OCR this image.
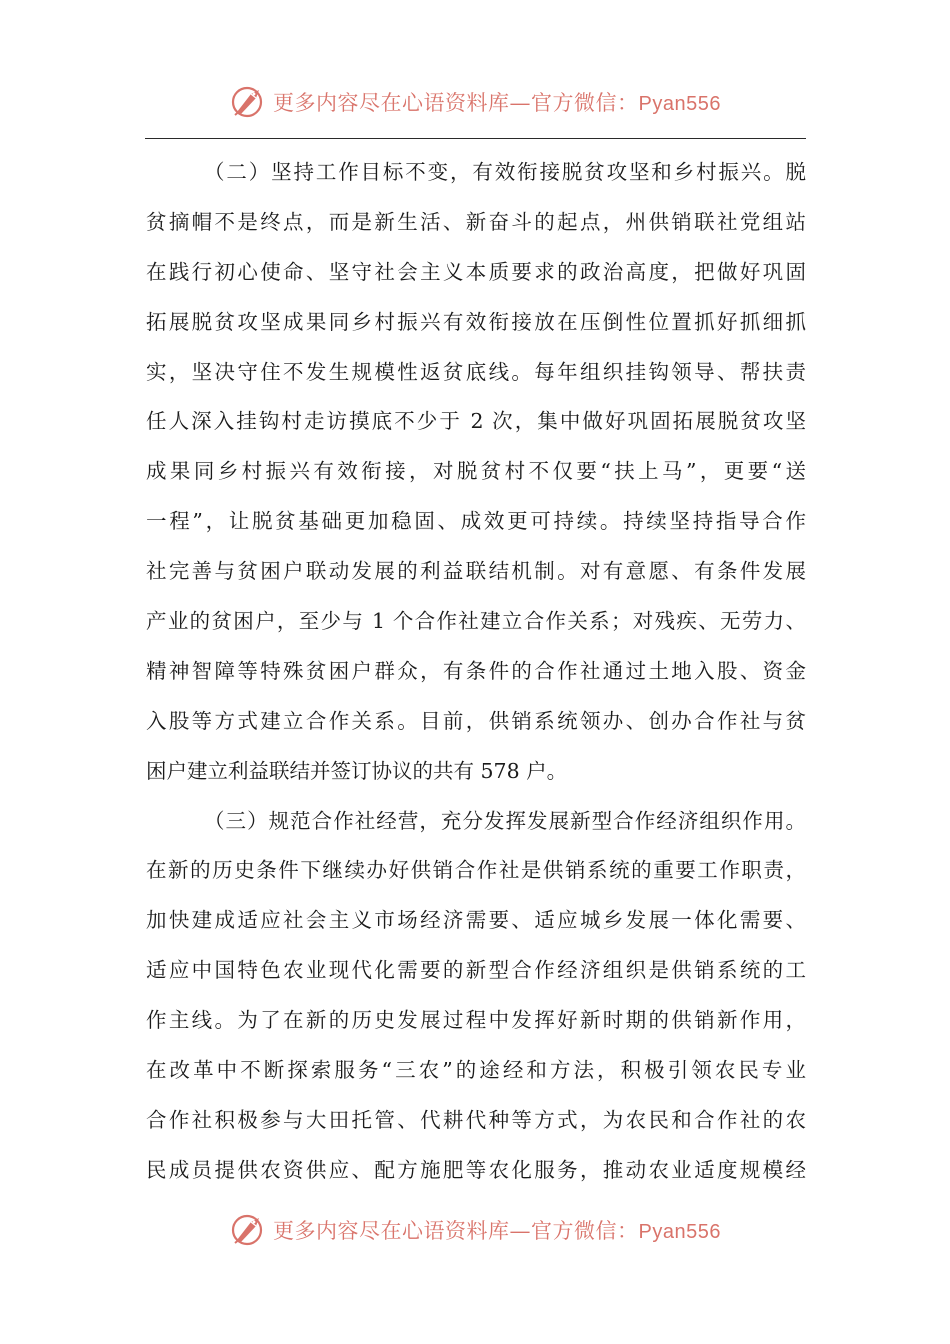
更多内容尽在心语资料库—官方微信：Pyan556
（二）坚持工作目标不变，有效衔接脱贫攻坚和乡村振兴。脱
贫摘帽不是终点，而是新生活、新奋斗的起点，州供销联社党组站
在践行初心使命、坚守社会主义本质要求的政治高度，把做好巩固
拓展脱贫攻坚成果同乡村振兴有效衔接放在压倒性位置抓好抓细抓
实，坚决守住不发生规模性返贫底线。每年组织挂钩领导、帮扶责
任人深入挂钩村走访摸底不少于 2 次，集中做好巩固拓展脱贫攻坚
成果同乡村振兴有效衔接，对脱贫村不仅要“扶上马”，更要“送
一程”，让脱贫基础更加稳固、成效更可持续。持续坚持指导合作
社完善与贫困户联动发展的利益联结机制。对有意愿、有条件发展
产业的贫困户，至少与 1 个合作社建立合作关系；对残疾、无劳力、
精神智障等特殊贫困户群众，有条件的合作社通过土地入股、资金
入股等方式建立合作关系。目前，供销系统领办、创办合作社与贫
困户建立利益联结并签订协议的共有 578 户。
（三）规范合作社经营，充分发挥发展新型合作经济组织作用。
在新的历史条件下继续办好供销合作社是供销系统的重要工作职责，
加快建成适应社会主义市场经济需要、适应城乡发展一体化需要、
适应中国特色农业现代化需要的新型合作经济组织是供销系统的工
作主线。为了在新的历史发展过程中发挥好新时期的供销新作用，
在改革中不断探索服务“三农”的途经和方法，积极引领农民专业
合作社积极参与大田托管、代耕代种等方式，为农民和合作社的农
民成员提供农资供应、配方施肥等农化服务，推动农业适度规模经
更多内容尽在心语资料库—官方微信：Pyan556
